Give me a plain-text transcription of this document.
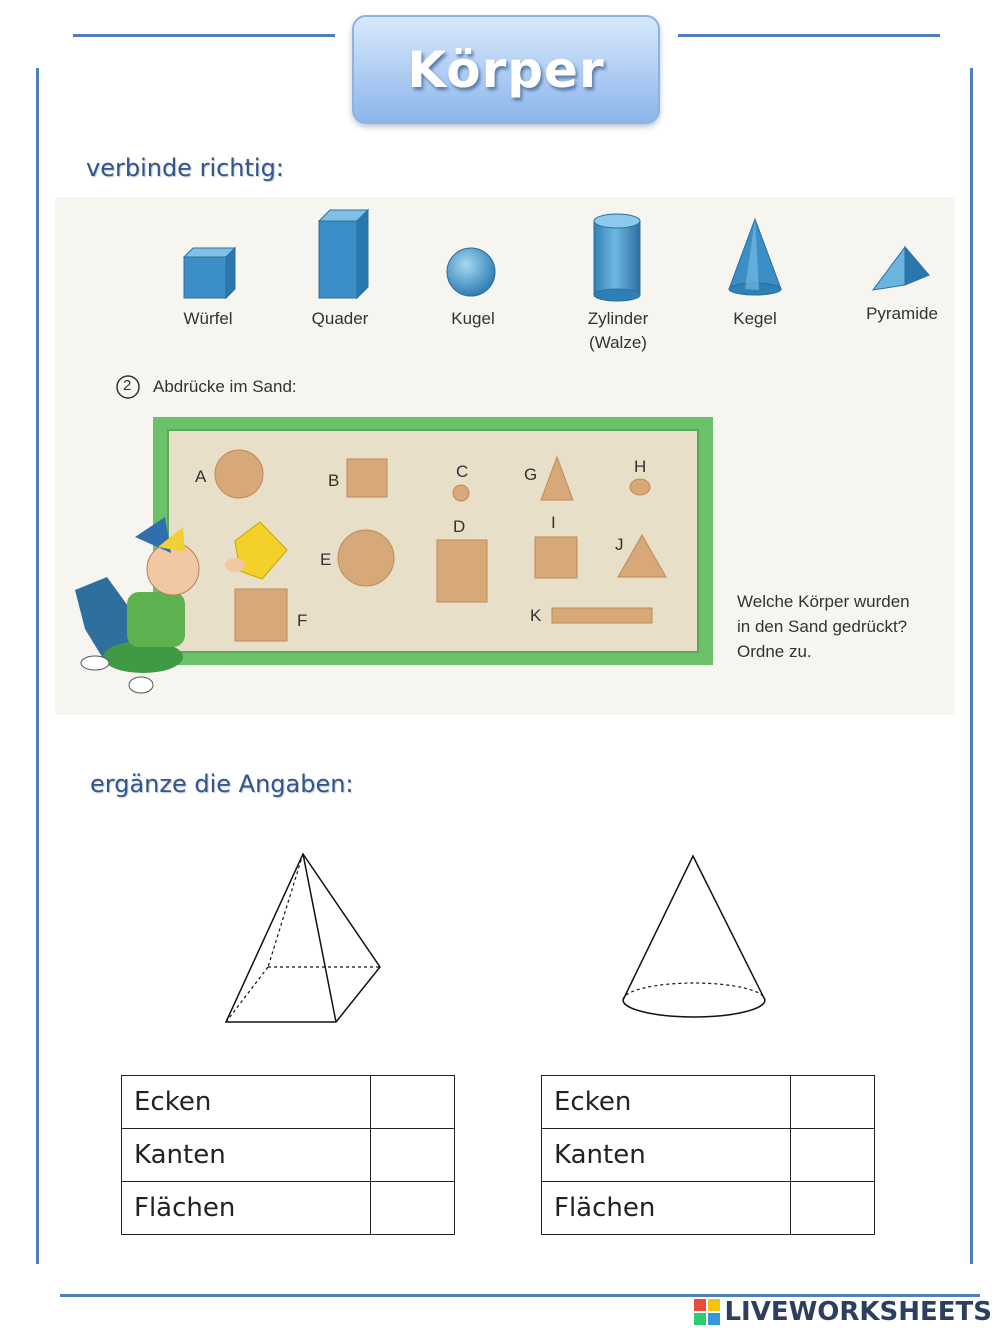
Körper
verbinde richtig:
Würfel	Quader	Kugel	Zylinder
(Walze)
Kegel	Pyramide
2 Abdrücke im Sand:
A	B	C
D
E
F
G	H
I
J
K
Welche Körper wurden
in den Sand gedrückt?
Ordne zu.
ergänze die Angaben:
Ecken	
Kanten	
Flächen	
Ecken	
Kanten	
Flächen	
LIVEWORKSHEETS
